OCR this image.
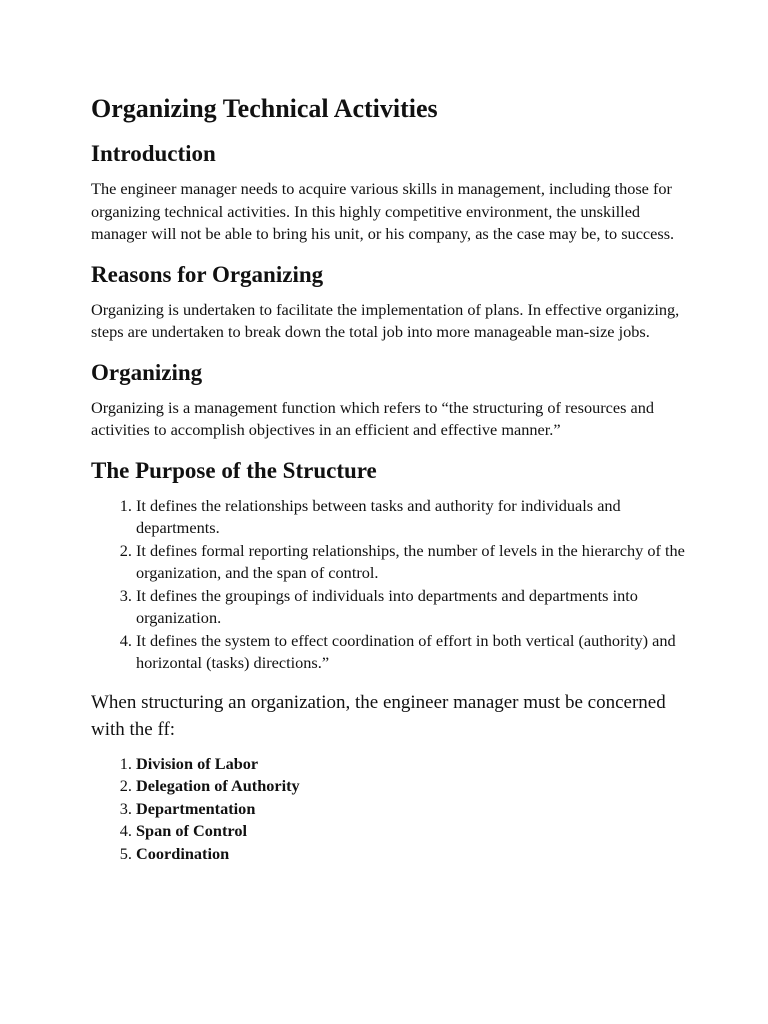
Organizing Technical Activities
Introduction

The engineer manager needs to acquire various skills in management, including those for organizing technical activities. In this highly competitive environment, the unskilled manager will not be able to bring his unit, or his company, as the case may be, to success.

Reasons for Organizing

Organizing is undertaken to facilitate the implementation of plans. In effective organizing, steps are undertaken to break down the total job into more manageable man-size jobs.

Organizing

Organizing is a management function which refers to “the structuring of resources and activities to accomplish objectives in an efficient and effective manner.”

The Purpose of the Structure
1. It defines the relationships between tasks and authority for individuals and departments.
2. It defines formal reporting relationships, the number of levels in the hierarchy of the organization, and the span of control.
3. It defines the groupings of individuals into departments and departments into organization.
4. It defines the system to effect coordination of effort in both vertical (authority) and horizontal (tasks) directions.”

When structuring an organization, the engineer manager must be concerned with the ff:

1. Division of Labor
2. Delegation of Authority
3. Departmentation
4. Span of Control
5. Coordination
